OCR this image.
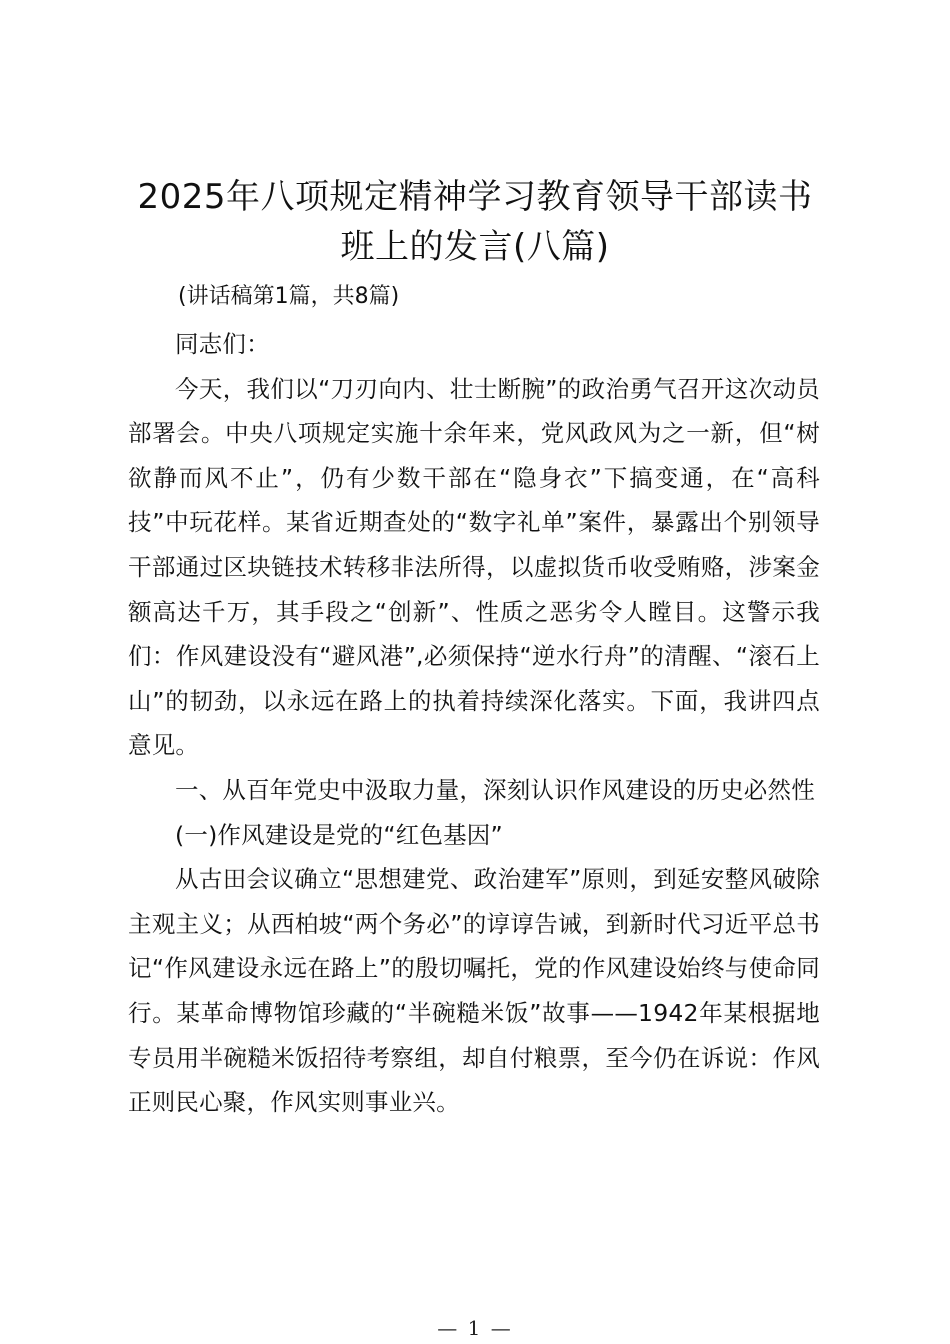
2025年八项规定精神学习教育领导干部读书
班上的发言(八篇)

(讲话稿第1篇，共8篇)

同志们：

今天，我们以“刀刃向内、壮士断腕”的政治勇气召开这次动员部署会。中央八项规定实施十余年来，党风政风为之一新，但“树欲静而风不止”，仍有少数干部在“隐身衣”下搞变通，在“高科技”中玩花样。某省近期查处的“数字礼单”案件，暴露出个别领导干部通过区块链技术转移非法所得，以虚拟货币收受贿赂，涉案金额高达千万，其手段之“创新”、性质之恶劣令人瞠目。这警示我们：作风建设没有“避风港”,必须保持“逆水行舟”的清醒、“滚石上山”的韧劲，以永远在路上的执着持续深化落实。下面，我讲四点意见。

一、从百年党史中汲取力量，深刻认识作风建设的历史必然性

(一)作风建设是党的“红色基因”

从古田会议确立“思想建党、政治建军”原则，到延安整风破除主观主义；从西柏坡“两个务必”的谆谆告诫，到新时代习近平总书记“作风建设永远在路上”的殷切嘱托，党的作风建设始终与使命同行。某革命博物馆珍藏的“半碗糙米饭”故事——1942年某根据地专员用半碗糙米饭招待考察组，却自付粮票，至今仍在诉说：作风正则民心聚，作风实则事业兴。

— 1 —
